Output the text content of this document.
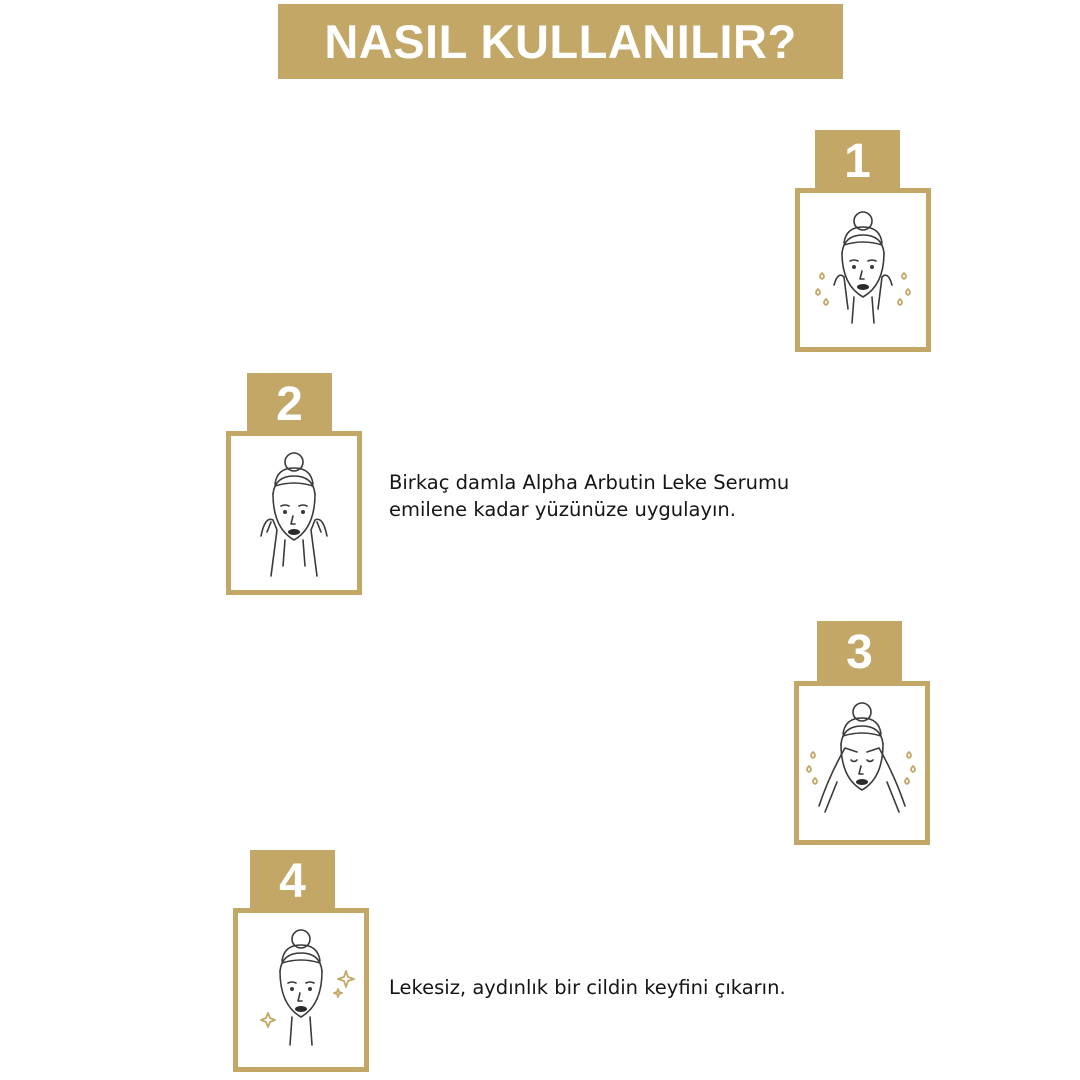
NASIL KULLANILIR?
1
2
Birkaç damla Alpha Arbutin Leke Serumu
emilene kadar yüzünüze uygulayın.
3
4
Lekesiz, aydınlık bir cildin keyfini çıkarın.
